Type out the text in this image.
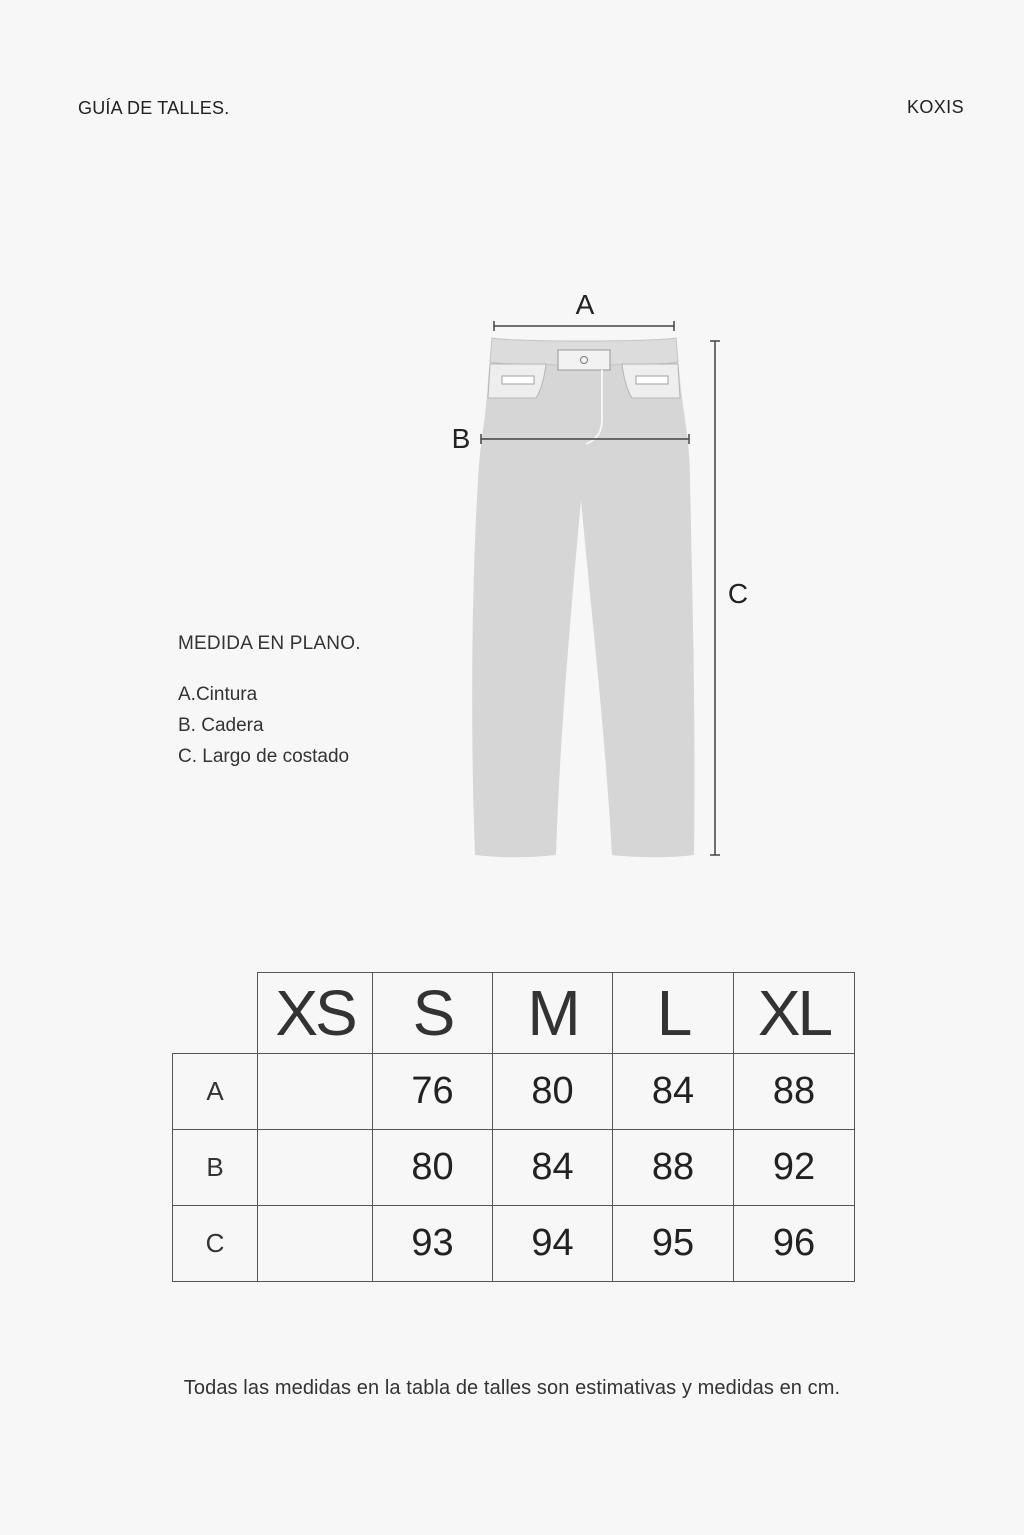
GUÍA DE TALLES.	KOXIS
A
B
C
MEDIDA EN PLANO.
A.Cintura
B. Cadera
C. Largo de costado
	XS	S	M	L	XL
A		76	80	84	88
B		80	84	88	92
C		93	94	95	96
Todas las medidas en la tabla de talles son estimativas y medidas en cm.
